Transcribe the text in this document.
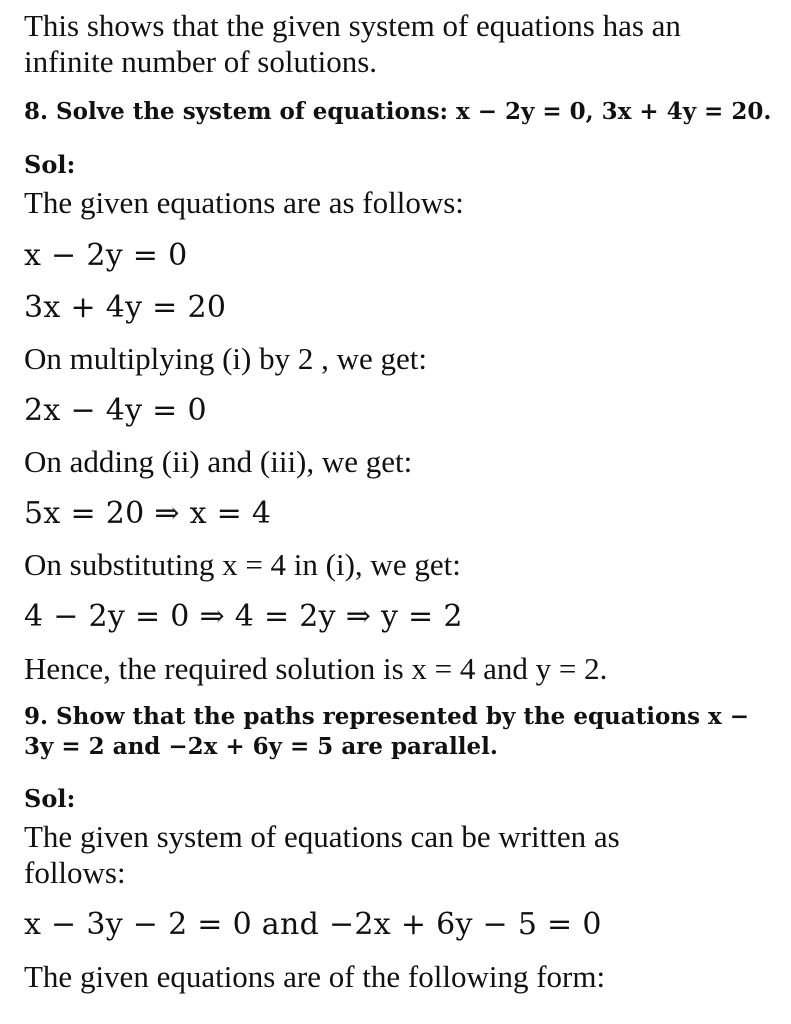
This shows that the given system of equations has an
infinite number of solutions.
8. Solve the system of equations: x − 2y = 0, 3x + 4y = 20.
Sol:
The given equations are as follows:
x − 2y = 0
3x + 4y = 20
On multiplying (i) by 2 , we get:
2x − 4y = 0
On adding (ii) and (iii), we get:
5x = 20 ⇒ x = 4
On substituting x = 4 in (i), we get:
4 − 2y = 0 ⇒ 4 = 2y ⇒ y = 2
Hence, the required solution is x = 4 and y = 2.
9. Show that the paths represented by the equations x −
3y = 2 and −2x + 6y = 5 are parallel.
Sol:
The given system of equations can be written as
follows:
x − 3y − 2 = 0 and −2x + 6y − 5 = 0
The given equations are of the following form:
